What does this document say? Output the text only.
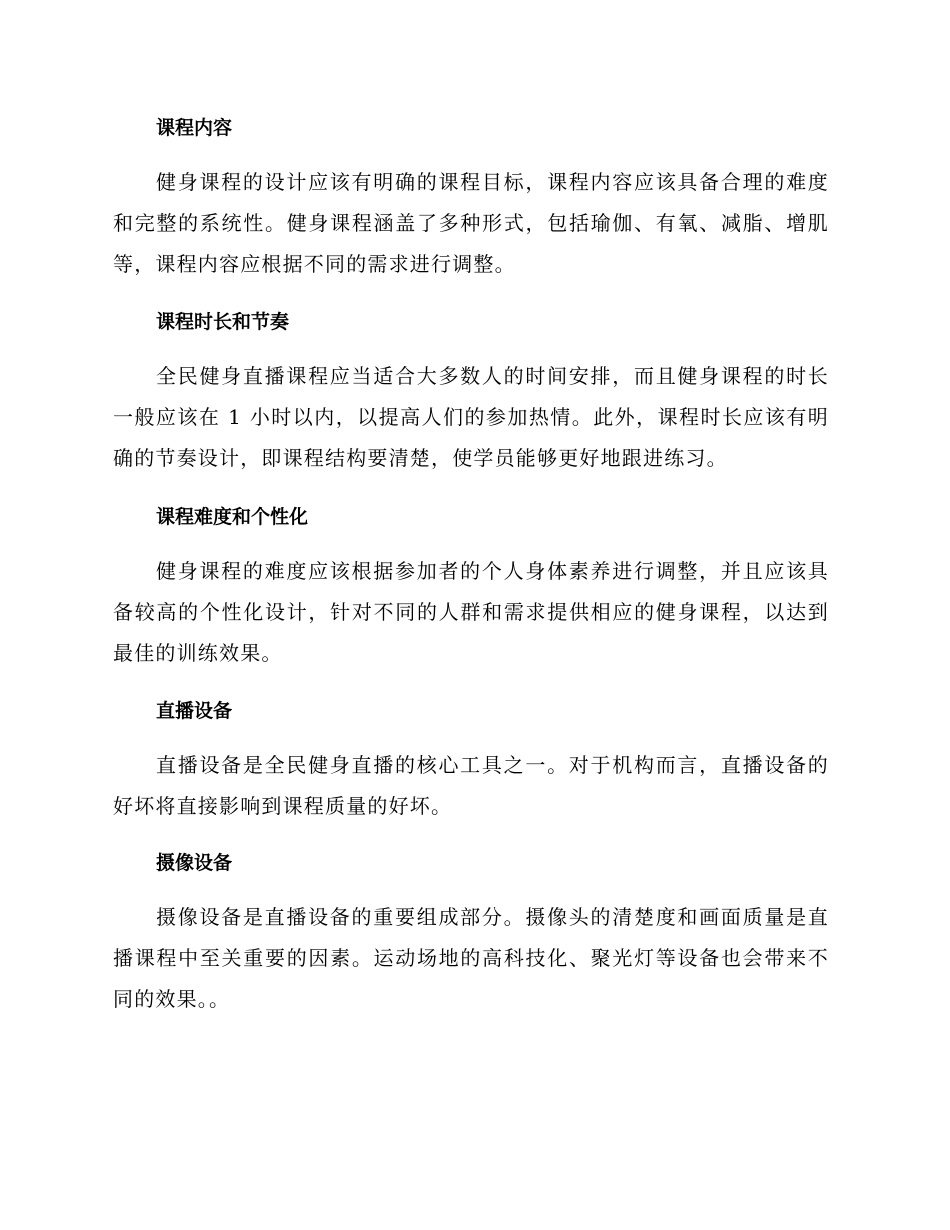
课程内容

健身课程的设计应该有明确的课程目标，课程内容应该具备合理的难度和完整的系统性。健身课程涵盖了多种形式，包括瑜伽、有氧、减脂、增肌等，课程内容应根据不同的需求进行调整。

课程时长和节奏

全民健身直播课程应当适合大多数人的时间安排，而且健身课程的时长一般应该在 1 小时以内，以提高人们的参加热情。此外，课程时长应该有明确的节奏设计，即课程结构要清楚，使学员能够更好地跟进练习。

课程难度和个性化

健身课程的难度应该根据参加者的个人身体素养进行调整，并且应该具备较高的个性化设计，针对不同的人群和需求提供相应的健身课程，以达到最佳的训练效果。

直播设备

直播设备是全民健身直播的核心工具之一。对于机构而言，直播设备的好坏将直接影响到课程质量的好坏。

摄像设备

摄像设备是直播设备的重要组成部分。摄像头的清楚度和画面质量是直播课程中至关重要的因素。运动场地的高科技化、聚光灯等设备也会带来不同的效果。。
